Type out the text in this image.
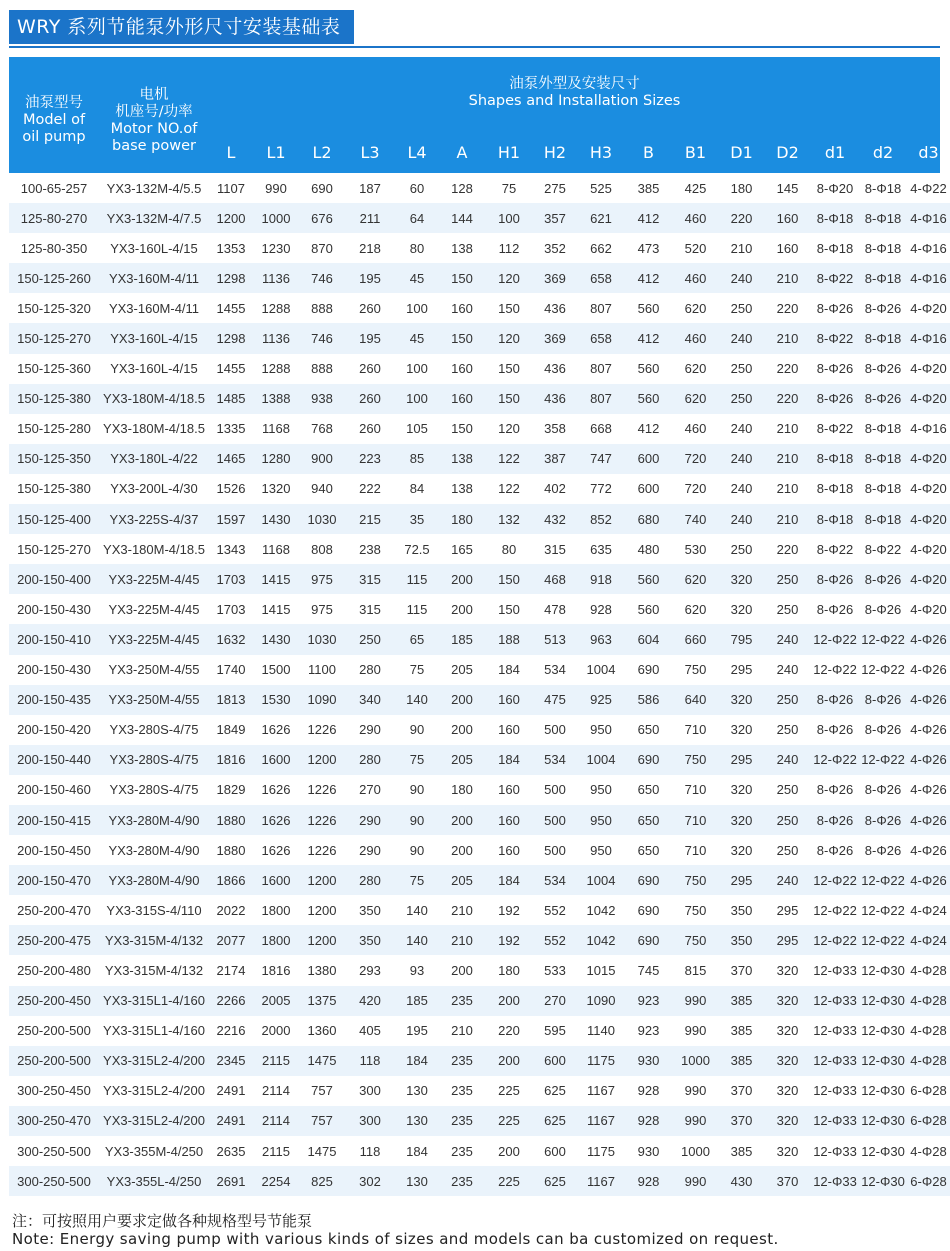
WRY 系列节能泵外形尺寸安装基础表
油泵型号
Model of
oil pump
电机
机座号/功率
Motor NO.of
base power
油泵外型及安装尺寸
Shapes and Installation Sizes
L	L1	L2	L3	L4	A	H1	H2	H3	B	B1	D1	D2	d1	d2	d3
100-65-257	YX3-132M-4/5.5	1107	990	690	187	60	128	75	275	525	385	425	180	145	8-Φ20	8-Φ18	4-Φ22
125-80-270	YX3-132M-4/7.5	1200	1000	676	211	64	144	100	357	621	412	460	220	160	8-Φ18	8-Φ18	4-Φ16
125-80-350	YX3-160L-4/15	1353	1230	870	218	80	138	112	352	662	473	520	210	160	8-Φ18	8-Φ18	4-Φ16
150-125-260	YX3-160M-4/11	1298	1136	746	195	45	150	120	369	658	412	460	240	210	8-Φ22	8-Φ18	4-Φ16
150-125-320	YX3-160M-4/11	1455	1288	888	260	100	160	150	436	807	560	620	250	220	8-Φ26	8-Φ26	4-Φ20
150-125-270	YX3-160L-4/15	1298	1136	746	195	45	150	120	369	658	412	460	240	210	8-Φ22	8-Φ18	4-Φ16
150-125-360	YX3-160L-4/15	1455	1288	888	260	100	160	150	436	807	560	620	250	220	8-Φ26	8-Φ26	4-Φ20
150-125-380	YX3-180M-4/18.5	1485	1388	938	260	100	160	150	436	807	560	620	250	220	8-Φ26	8-Φ26	4-Φ20
150-125-280	YX3-180M-4/18.5	1335	1168	768	260	105	150	120	358	668	412	460	240	210	8-Φ22	8-Φ18	4-Φ16
150-125-350	YX3-180L-4/22	1465	1280	900	223	85	138	122	387	747	600	720	240	210	8-Φ18	8-Φ18	4-Φ20
150-125-380	YX3-200L-4/30	1526	1320	940	222	84	138	122	402	772	600	720	240	210	8-Φ18	8-Φ18	4-Φ20
150-125-400	YX3-225S-4/37	1597	1430	1030	215	35	180	132	432	852	680	740	240	210	8-Φ18	8-Φ18	4-Φ20
150-125-270	YX3-180M-4/18.5	1343	1168	808	238	72.5	165	80	315	635	480	530	250	220	8-Φ22	8-Φ22	4-Φ20
200-150-400	YX3-225M-4/45	1703	1415	975	315	115	200	150	468	918	560	620	320	250	8-Φ26	8-Φ26	4-Φ20
200-150-430	YX3-225M-4/45	1703	1415	975	315	115	200	150	478	928	560	620	320	250	8-Φ26	8-Φ26	4-Φ20
200-150-410	YX3-225M-4/45	1632	1430	1030	250	65	185	188	513	963	604	660	795	240	12-Φ22	12-Φ22	4-Φ26
200-150-430	YX3-250M-4/55	1740	1500	1100	280	75	205	184	534	1004	690	750	295	240	12-Φ22	12-Φ22	4-Φ26
200-150-435	YX3-250M-4/55	1813	1530	1090	340	140	200	160	475	925	586	640	320	250	8-Φ26	8-Φ26	4-Φ26
200-150-420	YX3-280S-4/75	1849	1626	1226	290	90	200	160	500	950	650	710	320	250	8-Φ26	8-Φ26	4-Φ26
200-150-440	YX3-280S-4/75	1816	1600	1200	280	75	205	184	534	1004	690	750	295	240	12-Φ22	12-Φ22	4-Φ26
200-150-460	YX3-280S-4/75	1829	1626	1226	270	90	180	160	500	950	650	710	320	250	8-Φ26	8-Φ26	4-Φ26
200-150-415	YX3-280M-4/90	1880	1626	1226	290	90	200	160	500	950	650	710	320	250	8-Φ26	8-Φ26	4-Φ26
200-150-450	YX3-280M-4/90	1880	1626	1226	290	90	200	160	500	950	650	710	320	250	8-Φ26	8-Φ26	4-Φ26
200-150-470	YX3-280M-4/90	1866	1600	1200	280	75	205	184	534	1004	690	750	295	240	12-Φ22	12-Φ22	4-Φ26
250-200-470	YX3-315S-4/110	2022	1800	1200	350	140	210	192	552	1042	690	750	350	295	12-Φ22	12-Φ22	4-Φ24
250-200-475	YX3-315M-4/132	2077	1800	1200	350	140	210	192	552	1042	690	750	350	295	12-Φ22	12-Φ22	4-Φ24
250-200-480	YX3-315M-4/132	2174	1816	1380	293	93	200	180	533	1015	745	815	370	320	12-Φ33	12-Φ30	4-Φ28
250-200-450	YX3-315L1-4/160	2266	2005	1375	420	185	235	200	270	1090	923	990	385	320	12-Φ33	12-Φ30	4-Φ28
250-200-500	YX3-315L1-4/160	2216	2000	1360	405	195	210	220	595	1140	923	990	385	320	12-Φ33	12-Φ30	4-Φ28
250-200-500	YX3-315L2-4/200	2345	2115	1475	118	184	235	200	600	1175	930	1000	385	320	12-Φ33	12-Φ30	4-Φ28
300-250-450	YX3-315L2-4/200	2491	2114	757	300	130	235	225	625	1167	928	990	370	320	12-Φ33	12-Φ30	6-Φ28
300-250-470	YX3-315L2-4/200	2491	2114	757	300	130	235	225	625	1167	928	990	370	320	12-Φ33	12-Φ30	6-Φ28
300-250-500	YX3-355M-4/250	2635	2115	1475	118	184	235	200	600	1175	930	1000	385	320	12-Φ33	12-Φ30	4-Φ28
300-250-500	YX3-355L-4/250	2691	2254	825	302	130	235	225	625	1167	928	990	430	370	12-Φ33	12-Φ30	6-Φ28
注：可按照用户要求定做各种规格型号节能泵
Note: Energy saving pump with various kinds of sizes and models can ba customized on request.
